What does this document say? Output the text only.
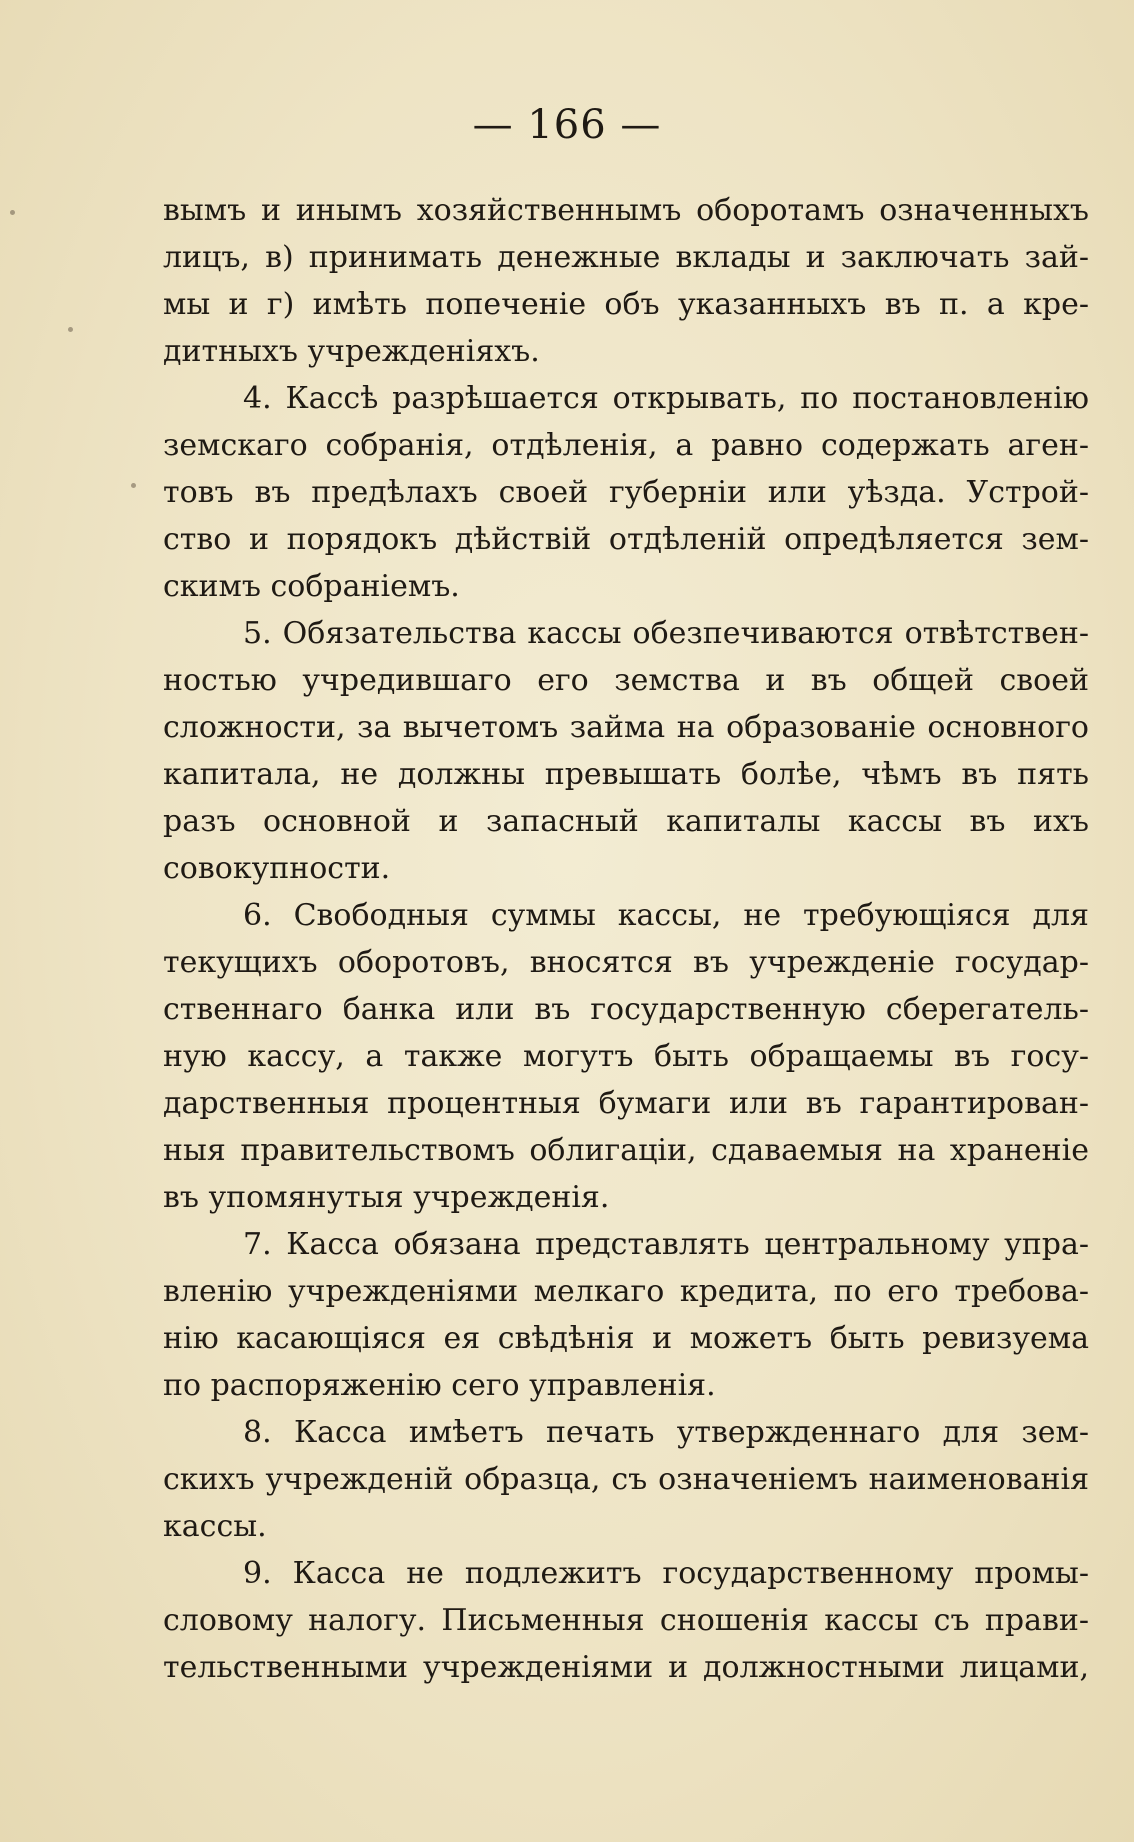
— 166 —
вымъ и инымъ хозяйственнымъ оборотамъ означенныхъ
лицъ, в) принимать денежные вклады и заключать зай-
мы и г) имѣть попеченіе объ указанныхъ въ п. а кре-
дитныхъ учрежденіяхъ.
4. Кассѣ разрѣшается открывать, по постановленію
земскаго собранія, отдѣленія, а равно содержать аген-
товъ въ предѣлахъ своей губерніи или уѣзда. Устрой-
ство и порядокъ дѣйствій отдѣленій опредѣляется зем-
скимъ собраніемъ.
5. Обязательства кассы обезпечиваются отвѣтствен-
ностью учредившаго его земства и въ общей своей
сложности, за вычетомъ займа на образованіе основного
капитала, не должны превышать болѣе, чѣмъ въ пять
разъ основной и запасный капиталы кассы въ ихъ
совокупности.
6. Свободныя суммы кассы, не требующіяся для
текущихъ оборотовъ, вносятся въ учрежденіе государ-
ственнаго банка или въ государственную сберегатель-
ную кассу, а также могутъ быть обращаемы въ госу-
дарственныя процентныя бумаги или въ гарантирован-
ныя правительствомъ облигаціи, сдаваемыя на храненіе
въ упомянутыя учрежденія.
7. Касса обязана представлять центральному упра-
вленію учрежденіями мелкаго кредита, по его требова-
нію касающіяся ея свѣдѣнія и можетъ быть ревизуема
по распоряженію сего управленія.
8. Касса имѣетъ печать утвержденнаго для зем-
скихъ учрежденій образца, съ означеніемъ наименованія
кассы.
9. Касса не подлежитъ государственному промы-
словому налогу. Письменныя сношенія кассы съ прави-
тельственными учрежденіями и должностными лицами,
